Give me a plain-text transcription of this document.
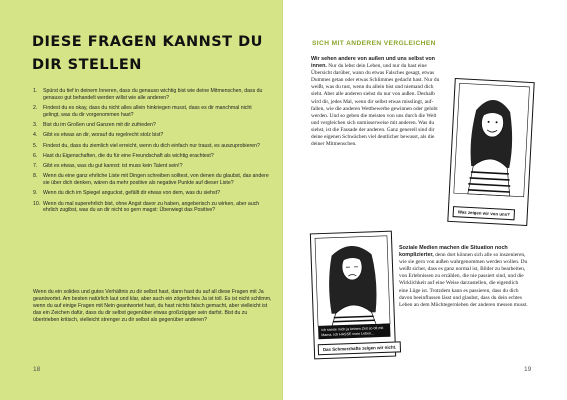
DIESE FRAGEN KANNST DU DIR STELLEN
1. Spürst du tief in deinem Inneren, dass du genauso wichtig bist wie deine Mitmenschen, dass du genauso gut behandelt werden willst wie alle anderen?
2. Findest du es okay, dass du nicht alles allein hinkriegen musst, dass es dir manchmal nicht gelingt, was du dir vorgenommen hast?
3. Bist du im Großen und Ganzen mit dir zufrieden?
4. Gibt es etwas an dir, worauf du regelrecht stolz bist?
5. Findest du, dass du ziemlich viel erreicht, wenn du dich einfach nur traust, es auszuprobieren?
6. Hast du Eigenschaften, die du für eine Freundschaft als wichtig erachtest?
7. Gibt es etwas, was du gut kannst: ist muss kein Talent sein!?
8. Wenn du eine ganz ehrliche Liste mit Dingen schreiben solltest, von denen du glaubst, das andere sie über dich denken, wären da mehr positive als negative Punkte auf dieser Liste?
9. Wenn du dich im Spiegel anguckst, gefällt dir etwas von dem, was du siehst?
10. Wenn du mal superehrlich bist, ohne Angst davor zu haben, angeberisch zu wirken, aber auch ehrlich zugibst, was du an dir nicht so gern magst: Überwiegt das Positive?

Wenn du ein solides und gutes Verhältnis zu dir selbst hast, dann hast du auf all diese Fragen mit Ja geantwortet. Am besten natürlich laut und klar, aber auch ein zögerliches Ja ist toll. Es ist nicht schlimm, wenn du auf einige Fragen mit Nein geantwortet hast, du hast nichts falsch gemacht, aber vielleicht ist das ein Zeichen dafür, dass du dir selbst gegenüber etwas großzügiger sein darfst. Bist du zu übertrieben kritisch, vielleicht strenger zu dir selbst als gegenüber anderen?

18
SICH MIT ANDEREN VERGLEICHEN

Wir sehen andere von außen und uns selbst von innen. Nur du lebst dein Leben, und nur du hast eine Übersicht darüber, wann du etwas Falsches gesagt, etwas Dummes getan oder etwas Schlimmes gedacht hast. Nur du weißt, was du tust, wenn du allein bist und niemand dich sieht. Aber alle anderen siehst du nur von außen. Deshalb wird dir, jedes Mal, wenn dir selbst etwas misslingt, auffallen, wie die anderen Wettbewerbe gewinnen oder gelobt werden. Und so geben die meisten von uns durch die Welt und vergleichen sich unmisserweise mit anderen. Was du siehst, ist die Fassade der anderen. Ganz generell sind dir deine eigenen Schwächen viel deutlicher bewusst, als die deiner Mitmenschen.

Was zeigen wir von uns?
Ich streite mich ja keinen Zeit so oft mit Mama. Ich HASSE mein Leben...
Das Schmerzhafte zeigen wir nicht.

Soziale Medien machen die Situation noch komplizierter, denn dort können sich alle so inszenieren, wie sie gern von außen wahrgenommen werden wollen. Du weißt sicher, dass es ganz normal ist, Bilder zu bearbeiten, von Erlebnissen zu erzählen, die nie passiert sind, und die Wirklichkeit auf eine Weise darzustellen, die eigentlich eine Lüge ist. Trotzdem kann es passieren, dass du dich davon beeinflussen lässt und glaubst, dass du dein echtes Leben an dem Möchtegernleben der anderen messen musst.

19
